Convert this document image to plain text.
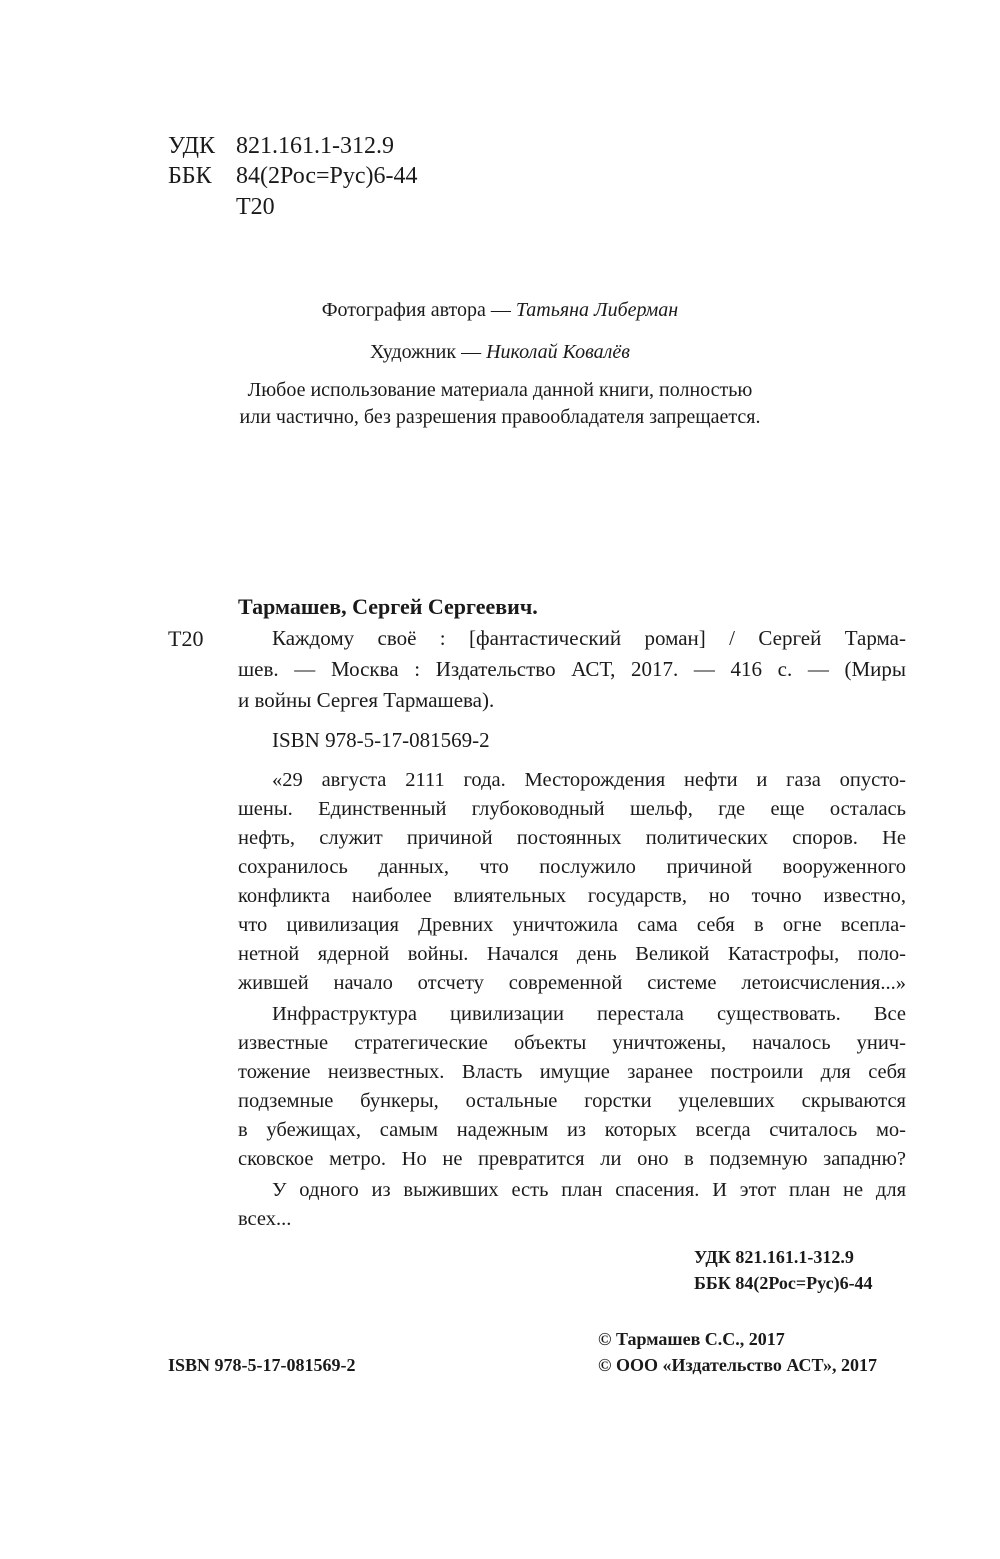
УДК 821.161.1-312.9
ББК 84(2Рос=Рус)6-44
Т20
Фотография автора — Татьяна Либерман
Художник — Николай Ковалёв
Любое использование материала данной книги, полностью
или частично, без разрешения правообладателя запрещается.
Тармашев, Сергей Сергеевич.
Т20	Каждому своё : [фантастический роман] / Сергей Тарма-
шев. — Москва : Издательство АСТ, 2017. — 416 с. — (Миры
и войны Сергея Тармашева).
ISBN 978-5-17-081569-2
«29 августа 2111 года. Месторождения нефти и газа опусто-
шены. Единственный глубоководный шельф, где еще осталась
нефть, служит причиной постоянных политических споров. Не
сохранилось данных, что послужило причиной вооруженного
конфликта наиболее влиятельных государств, но точно известно,
что цивилизация Древних уничтожила сама себя в огне всепла-
нетной ядерной войны. Начался день Великой Катастрофы, поло-
жившей начало отсчету современной системе летоисчисления...»
Инфраструктура цивилизации перестала существовать. Все
известные стратегические объекты уничтожены, началось унич-
тожение неизвестных. Власть имущие заранее построили для себя
подземные бункеры, остальные горстки уцелевших скрываются
в убежищах, самым надежным из которых всегда считалось мо-
сковское метро. Но не превратится ли оно в подземную западню?
У одного из выживших есть план спасения. И этот план не для
всех...
УДК 821.161.1-312.9
ББК 84(2Рос=Рус)6-44
© Тармашев С.С., 2017
ISBN 978-5-17-081569-2	© ООО «Издательство АСТ», 2017
